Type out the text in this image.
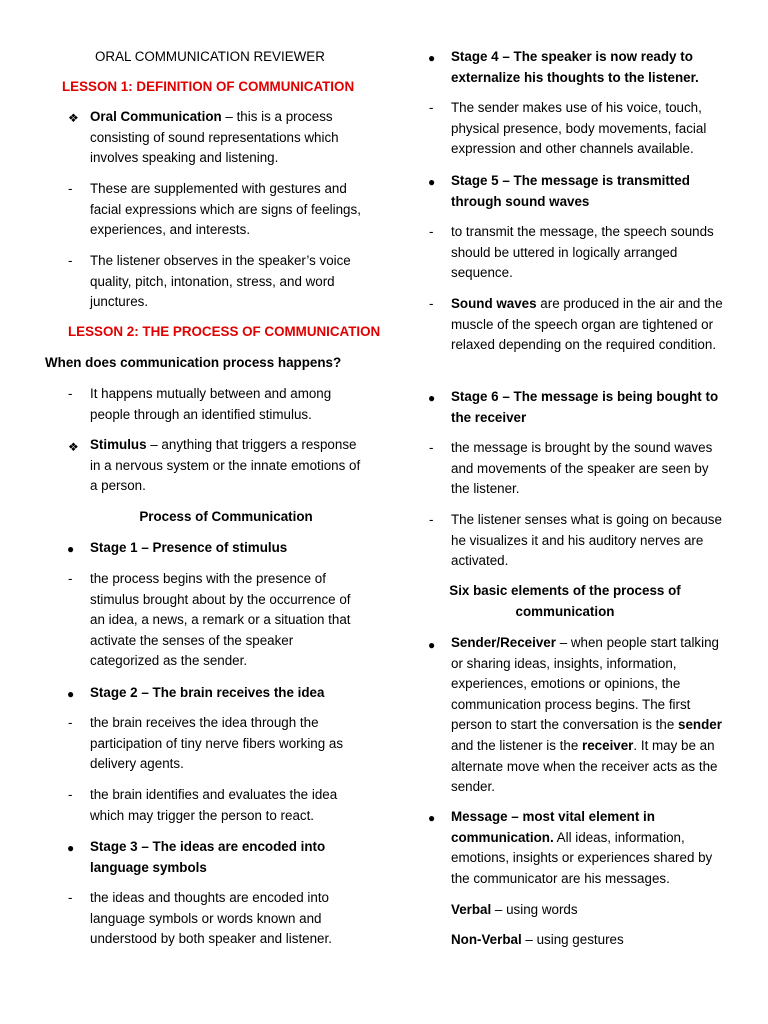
ORAL COMMUNICATION REVIEWER
LESSON 1: DEFINITION OF COMMUNICATION
❖ Oral Communication – this is a process consisting of sound representations which involves speaking and listening.
- These are supplemented with gestures and facial expressions which are signs of feelings, experiences, and interests.
- The listener observes in the speaker’s voice quality, pitch, intonation, stress, and word junctures.
LESSON 2: THE PROCESS OF COMMUNICATION
When does communication process happens?
- It happens mutually between and among people through an identified stimulus.
❖ Stimulus – anything that triggers a response in a nervous system or the innate emotions of a person.
Process of Communication
● Stage 1 – Presence of stimulus
- the process begins with the presence of stimulus brought about by the occurrence of an idea, a news, a remark or a situation that activate the senses of the speaker categorized as the sender.
● Stage 2 – The brain receives the idea
- the brain receives the idea through the participation of tiny nerve fibers working as delivery agents.
- the brain identifies and evaluates the idea which may trigger the person to react.
● Stage 3 – The ideas are encoded into language symbols
- the ideas and thoughts are encoded into language symbols or words known and understood by both speaker and listener.
● Stage 4 – The speaker is now ready to externalize his thoughts to the listener.
- The sender makes use of his voice, touch, physical presence, body movements, facial expression and other channels available.
● Stage 5 – The message is transmitted through sound waves
- to transmit the message, the speech sounds should be uttered in logically arranged sequence.
- Sound waves are produced in the air and the muscle of the speech organ are tightened or relaxed depending on the required condition.
● Stage 6 – The message is being bought to the receiver
- the message is brought by the sound waves and movements of the speaker are seen by the listener.
- The listener senses what is going on because he visualizes it and his auditory nerves are activated.
Six basic elements of the process of
communication
● Sender/Receiver – when people start talking or sharing ideas, insights, information, experiences, emotions or opinions, the communication process begins. The first person to start the conversation is the sender and the listener is the receiver. It may be an alternate move when the receiver acts as the sender.
● Message – most vital element in communication. All ideas, information, emotions, insights or experiences shared by the communicator are his messages.
Verbal – using words
Non-Verbal – using gestures
